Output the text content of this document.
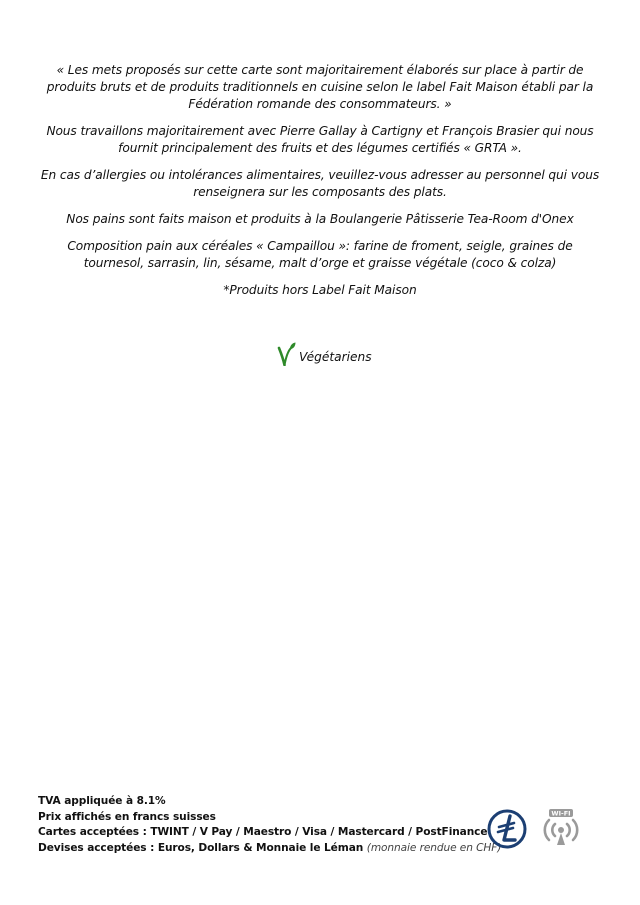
« Les mets proposés sur cette carte sont majoritairement élaborés sur place à partir de produits bruts et de produits traditionnels en cuisine selon le label Fait Maison établi par la Fédération romande des consommateurs. »

Nous travaillons majoritairement avec Pierre Gallay à Cartigny et François Brasier qui nous fournit principalement des fruits et des légumes certifiés « GRTA ».

En cas d’allergies ou intolérances alimentaires, veuillez-vous adresser au personnel qui vous renseignera sur les composants des plats.

Nos pains sont faits maison et produits à la Boulangerie Pâtisserie Tea-Room d'Onex

Composition pain aux céréales « Campaillou »: farine de froment, seigle, graines de tournesol, sarrasin, lin, sésame, malt d’orge et graisse végétale (coco & colza)

*Produits hors Label Fait Maison

Végétariens
TVA appliquée à 8.1%
Prix affichés en francs suisses
Cartes acceptées : TWINT / V Pay / Maestro / Visa / Mastercard / PostFinance
Devises acceptées : Euros, Dollars & Monnaie le Léman (monnaie rendue en CHF)
WI-FI
